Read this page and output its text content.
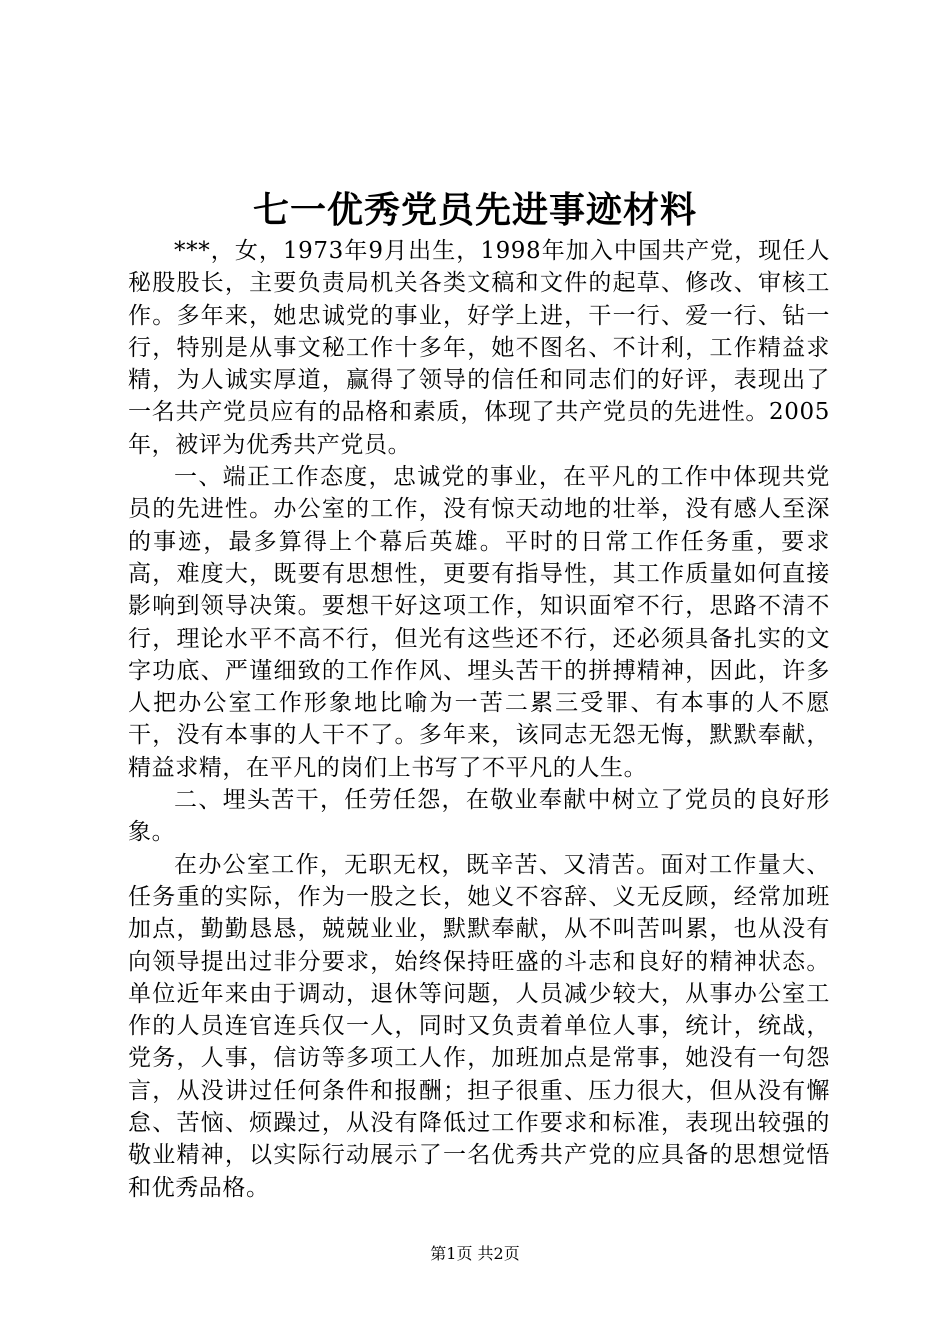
七一优秀党员先进事迹材料

***，女，1973年9月出生，1998年加入中国共产党，现任人秘股股长，主要负责局机关各类文稿和文件的起草、修改、审核工作。多年来，她忠诚党的事业，好学上进，干一行、爱一行、钻一行，特别是从事文秘工作十多年，她不图名、不计利，工作精益求精，为人诚实厚道，赢得了领导的信任和同志们的好评，表现出了一名共产党员应有的品格和素质，体现了共产党员的先进性。2005年，被评为优秀共产党员。

一、端正工作态度，忠诚党的事业，在平凡的工作中体现共党员的先进性。办公室的工作，没有惊天动地的壮举，没有感人至深的事迹，最多算得上个幕后英雄。平时的日常工作任务重，要求高，难度大，既要有思想性，更要有指导性，其工作质量如何直接影响到领导决策。要想干好这项工作，知识面窄不行，思路不清不行，理论水平不高不行，但光有这些还不行，还必须具备扎实的文字功底、严谨细致的工作作风、埋头苦干的拼搏精神，因此，许多人把办公室工作形象地比喻为一苦二累三受罪、有本事的人不愿干，没有本事的人干不了。多年来，该同志无怨无悔，默默奉献，精益求精，在平凡的岗们上书写了不平凡的人生。

二、埋头苦干，任劳任怨，在敬业奉献中树立了党员的良好形象。

在办公室工作，无职无权，既辛苦、又清苦。面对工作量大、任务重的实际，作为一股之长，她义不容辞、义无反顾，经常加班加点，勤勤恳恳，兢兢业业，默默奉献，从不叫苦叫累，也从没有向领导提出过非分要求，始终保持旺盛的斗志和良好的精神状态。单位近年来由于调动，退休等问题，人员减少较大，从事办公室工作的人员连官连兵仅一人，同时又负责着单位人事，统计，统战，党务，人事，信访等多项工人作，加班加点是常事，她没有一句怨言，从没讲过任何条件和报酬；担子很重、压力很大，但从没有懈怠、苦恼、烦躁过，从没有降低过工作要求和标准，表现出较强的敬业精神，以实际行动展示了一名优秀共产党的应具备的思想觉悟和优秀品格。

第1页 共2页
